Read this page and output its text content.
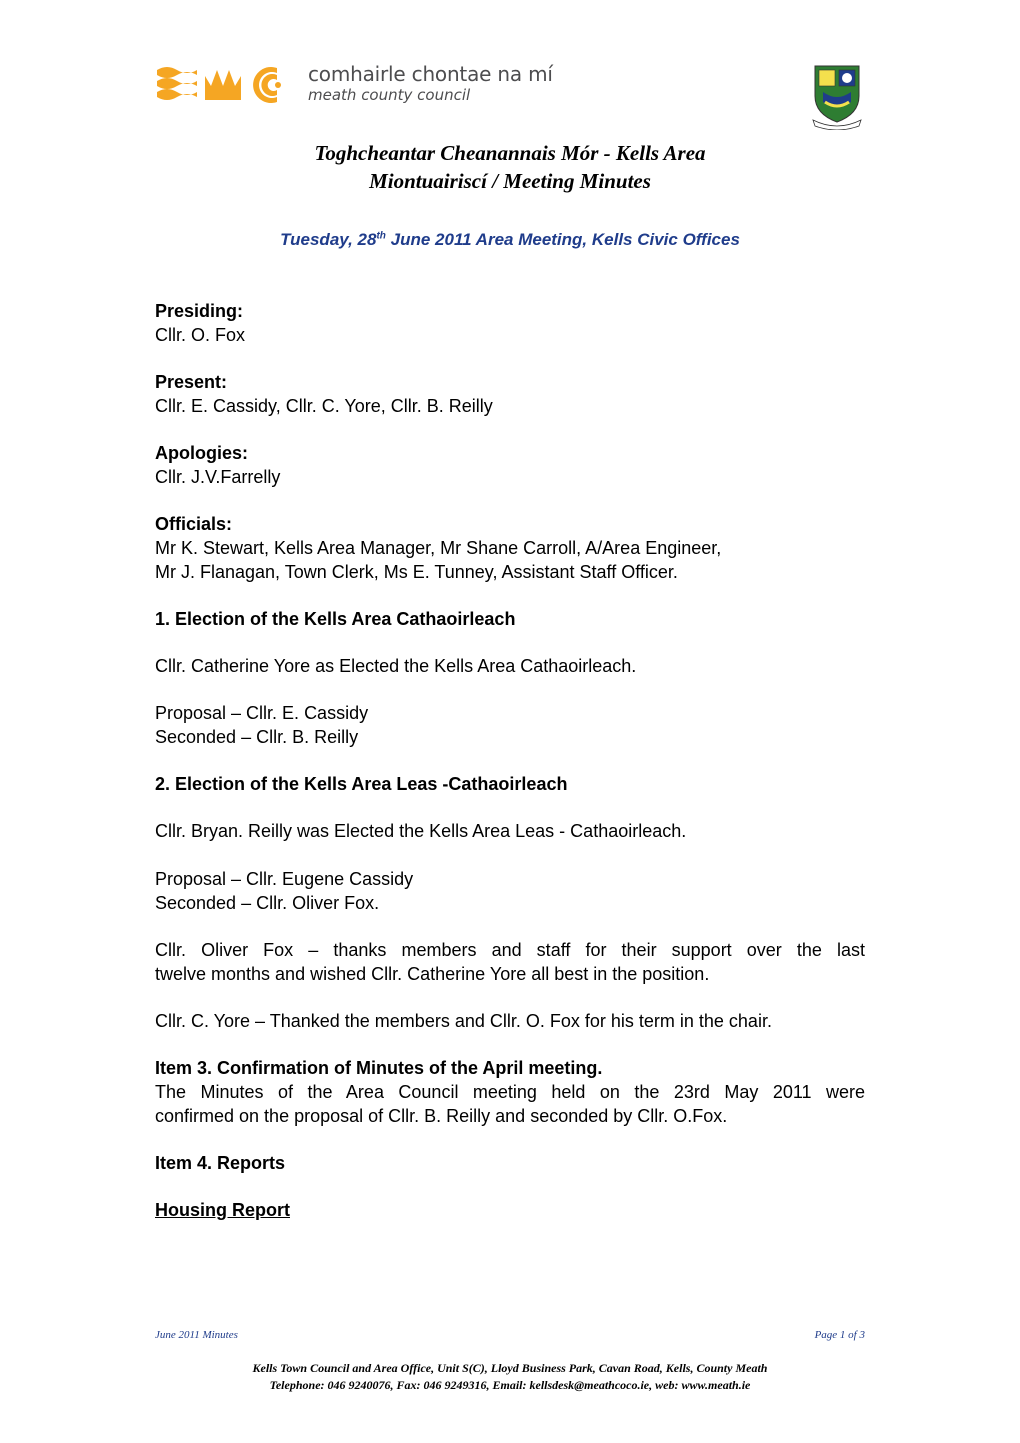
comhairle chontae na mí
meath county council
Toghcheantar Cheanannais Mór - Kells Area
Miontuairiscí / Meeting Minutes
Tuesday, 28th June 2011 Area Meeting, Kells Civic Offices
Presiding:
Cllr. O. Fox
Present:
Cllr. E. Cassidy, Cllr. C. Yore, Cllr. B. Reilly
Apologies:
Cllr. J.V.Farrelly
Officials:
Mr K. Stewart, Kells Area Manager, Mr Shane Carroll, A/Area Engineer,
Mr J. Flanagan, Town Clerk, Ms E. Tunney, Assistant Staff Officer.
1. Election of the Kells Area Cathaoirleach
Cllr. Catherine Yore as Elected the Kells Area Cathaoirleach.
Proposal – Cllr. E. Cassidy
Seconded – Cllr. B. Reilly
2. Election of the Kells Area Leas -Cathaoirleach
Cllr. Bryan. Reilly was Elected the Kells Area Leas - Cathaoirleach.
Proposal – Cllr. Eugene Cassidy
Seconded – Cllr. Oliver Fox.
Cllr. Oliver Fox – thanks members and staff for their support over the last
twelve months and wished Cllr. Catherine Yore all best in the position.
Cllr. C. Yore – Thanked the members and Cllr. O. Fox for his term in the chair.
Item 3. Confirmation of Minutes of the April meeting.
The Minutes of the Area Council meeting held on the 23rd May 2011 were
confirmed on the proposal of Cllr. B. Reilly and seconded by Cllr. O.Fox.
Item 4. Reports
Housing Report
June 2011 Minutes	Page 1 of 3
Kells Town Council and Area Office, Unit S(C), Lloyd Business Park, Cavan Road, Kells, County Meath
Telephone: 046 9240076, Fax: 046 9249316, Email: kellsdesk@meathcoco.ie, web: www.meath.ie
